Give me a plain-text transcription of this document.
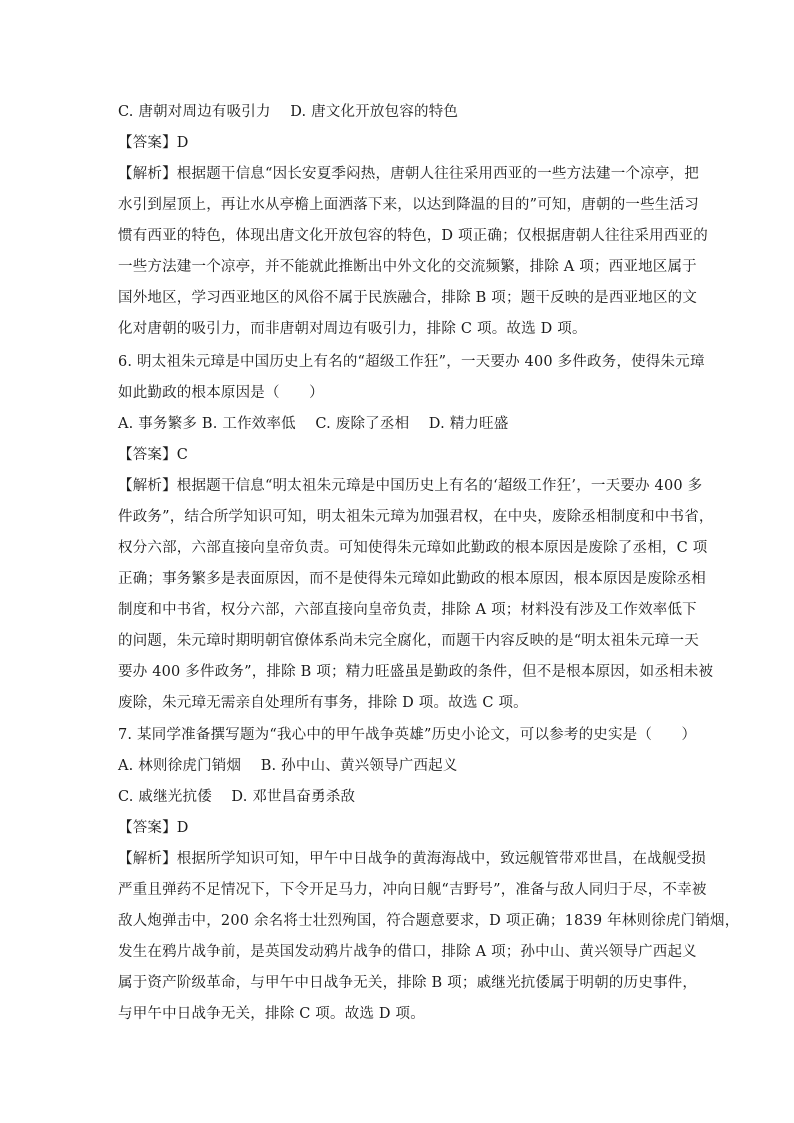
C. 唐朝对周边有吸引力　 D. 唐文化开放包容的特色
【答案】D
【解析】根据题干信息“因长安夏季闷热，唐朝人往往采用西亚的一些方法建一个凉亭，把
水引到屋顶上，再让水从亭檐上面洒落下来，以达到降温的目的”可知，唐朝的一些生活习
惯有西亚的特色，体现出唐文化开放包容的特色，D 项正确；仅根据唐朝人往往采用西亚的
一些方法建一个凉亭，并不能就此推断出中外文化的交流频繁，排除 A 项；西亚地区属于
国外地区，学习西亚地区的风俗不属于民族融合，排除 B 项；题干反映的是西亚地区的文
化对唐朝的吸引力，而非唐朝对周边有吸引力，排除 C 项。故选 D 项。
6. 明太祖朱元璋是中国历史上有名的“超级工作狂”，一天要办 400 多件政务，使得朱元璋
如此勤政的根本原因是（　　）
A. 事务繁多 B. 工作效率低　 C. 废除了丞相　 D. 精力旺盛
【答案】C
【解析】根据题干信息“明太祖朱元璋是中国历史上有名的‘超级工作狂’，一天要办 400 多
件政务”，结合所学知识可知，明太祖朱元璋为加强君权，在中央，废除丞相制度和中书省，
权分六部，六部直接向皇帝负责。可知使得朱元璋如此勤政的根本原因是废除了丞相，C 项
正确；事务繁多是表面原因，而不是使得朱元璋如此勤政的根本原因，根本原因是废除丞相
制度和中书省，权分六部，六部直接向皇帝负责，排除 A 项；材料没有涉及工作效率低下
的问题，朱元璋时期明朝官僚体系尚未完全腐化，而题干内容反映的是“明太祖朱元璋一天
要办 400 多件政务”，排除 B 项；精力旺盛虽是勤政的条件，但不是根本原因，如丞相未被
废除，朱元璋无需亲自处理所有事务，排除 D 项。故选 C 项。
7. 某同学准备撰写题为“我心中的甲午战争英雄”历史小论文，可以参考的史实是（　　）
A. 林则徐虎门销烟　 B. 孙中山、黄兴领导广西起义
C. 戚继光抗倭　 D. 邓世昌奋勇杀敌
【答案】D
【解析】根据所学知识可知，甲午中日战争的黄海海战中，致远舰管带邓世昌，在战舰受损
严重且弹药不足情况下，下令开足马力，冲向日舰“吉野号”，准备与敌人同归于尽，不幸被
敌人炮弹击中，200 余名将士壮烈殉国，符合题意要求，D 项正确；1839 年林则徐虎门销烟，
发生在鸦片战争前，是英国发动鸦片战争的借口，排除 A 项；孙中山、黄兴领导广西起义
属于资产阶级革命，与甲午中日战争无关，排除 B 项；戚继光抗倭属于明朝的历史事件，
与甲午中日战争无关，排除 C 项。故选 D 项。
